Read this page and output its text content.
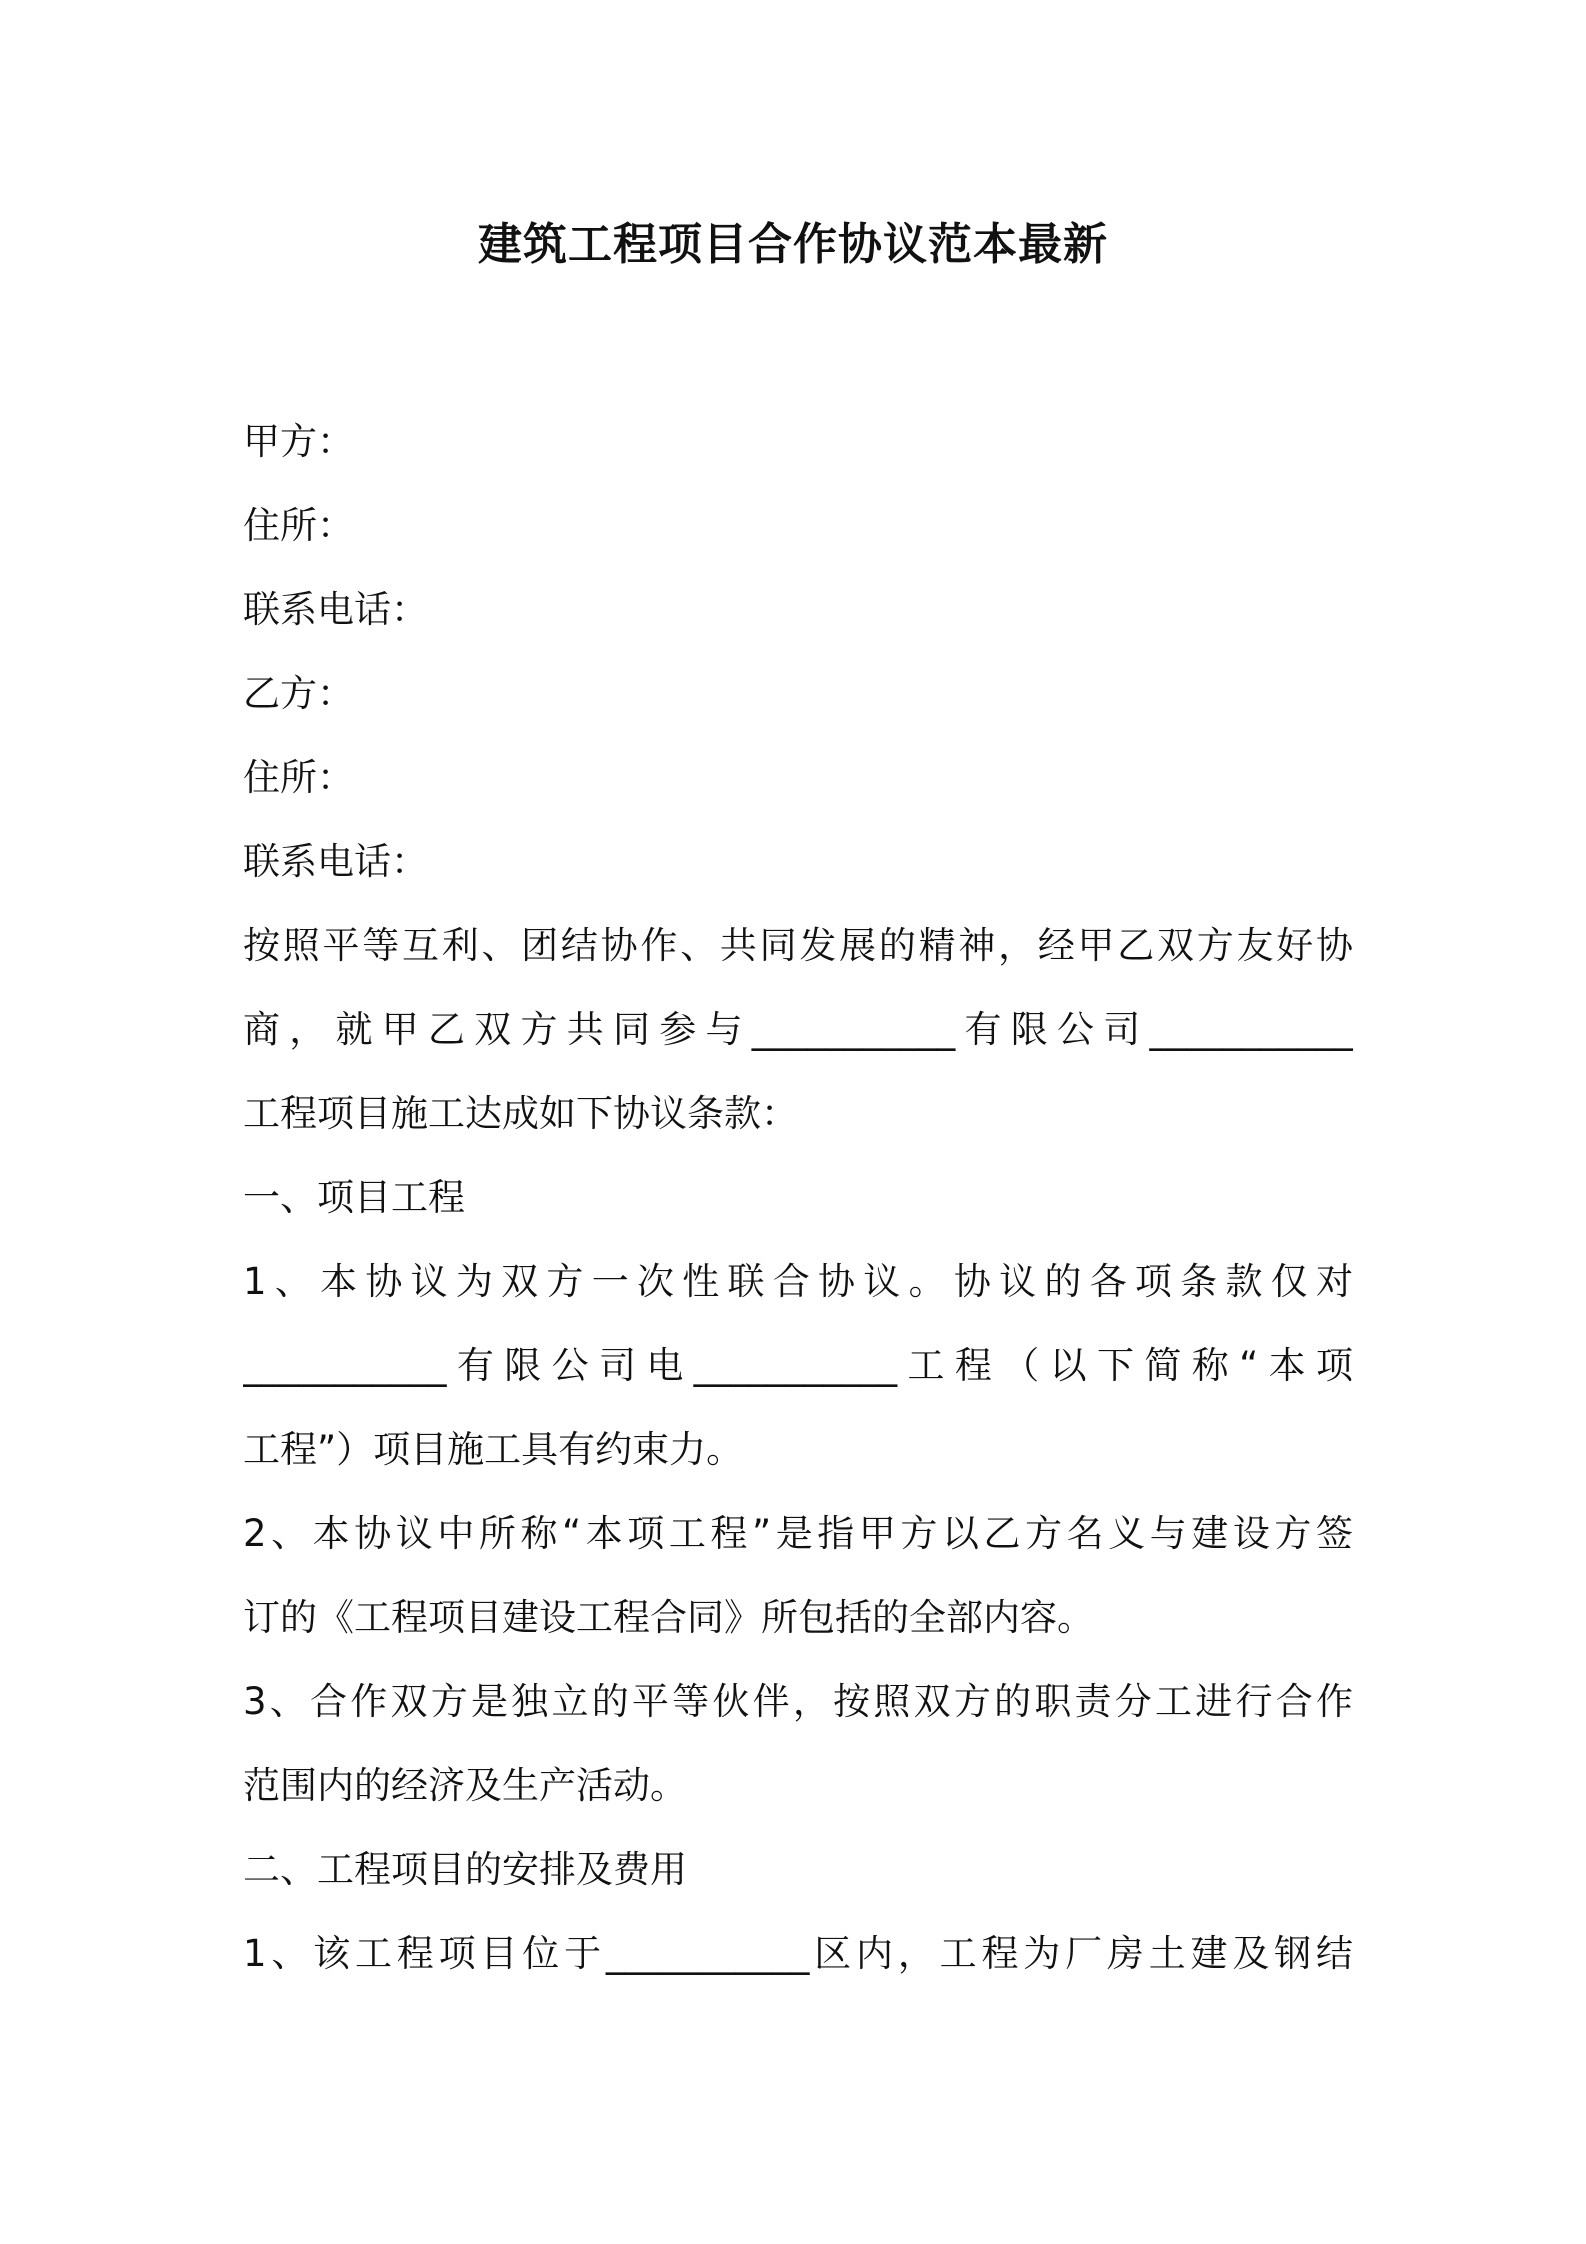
建筑工程项目合作协议范本最新
甲方：
住所：
联系电话：
乙方：
住所：
联系电话：
按照平等互利、团结协作、共同发展的精神，经甲乙双方友好协
商，就甲乙双方共同参与___________有限公司___________
工程项目施工达成如下协议条款：
一、项目工程
1、本协议为双方一次性联合协议。协议的各项条款仅对
___________有限公司电___________工程（以下简称“本项
工程”）项目施工具有约束力。
2、本协议中所称“本项工程”是指甲方以乙方名义与建设方签
订的《工程项目建设工程合同》所包括的全部内容。
3、合作双方是独立的平等伙伴，按照双方的职责分工进行合作
范围内的经济及生产活动。
二、工程项目的安排及费用
1、该工程项目位于___________区内，工程为厂房土建及钢结
